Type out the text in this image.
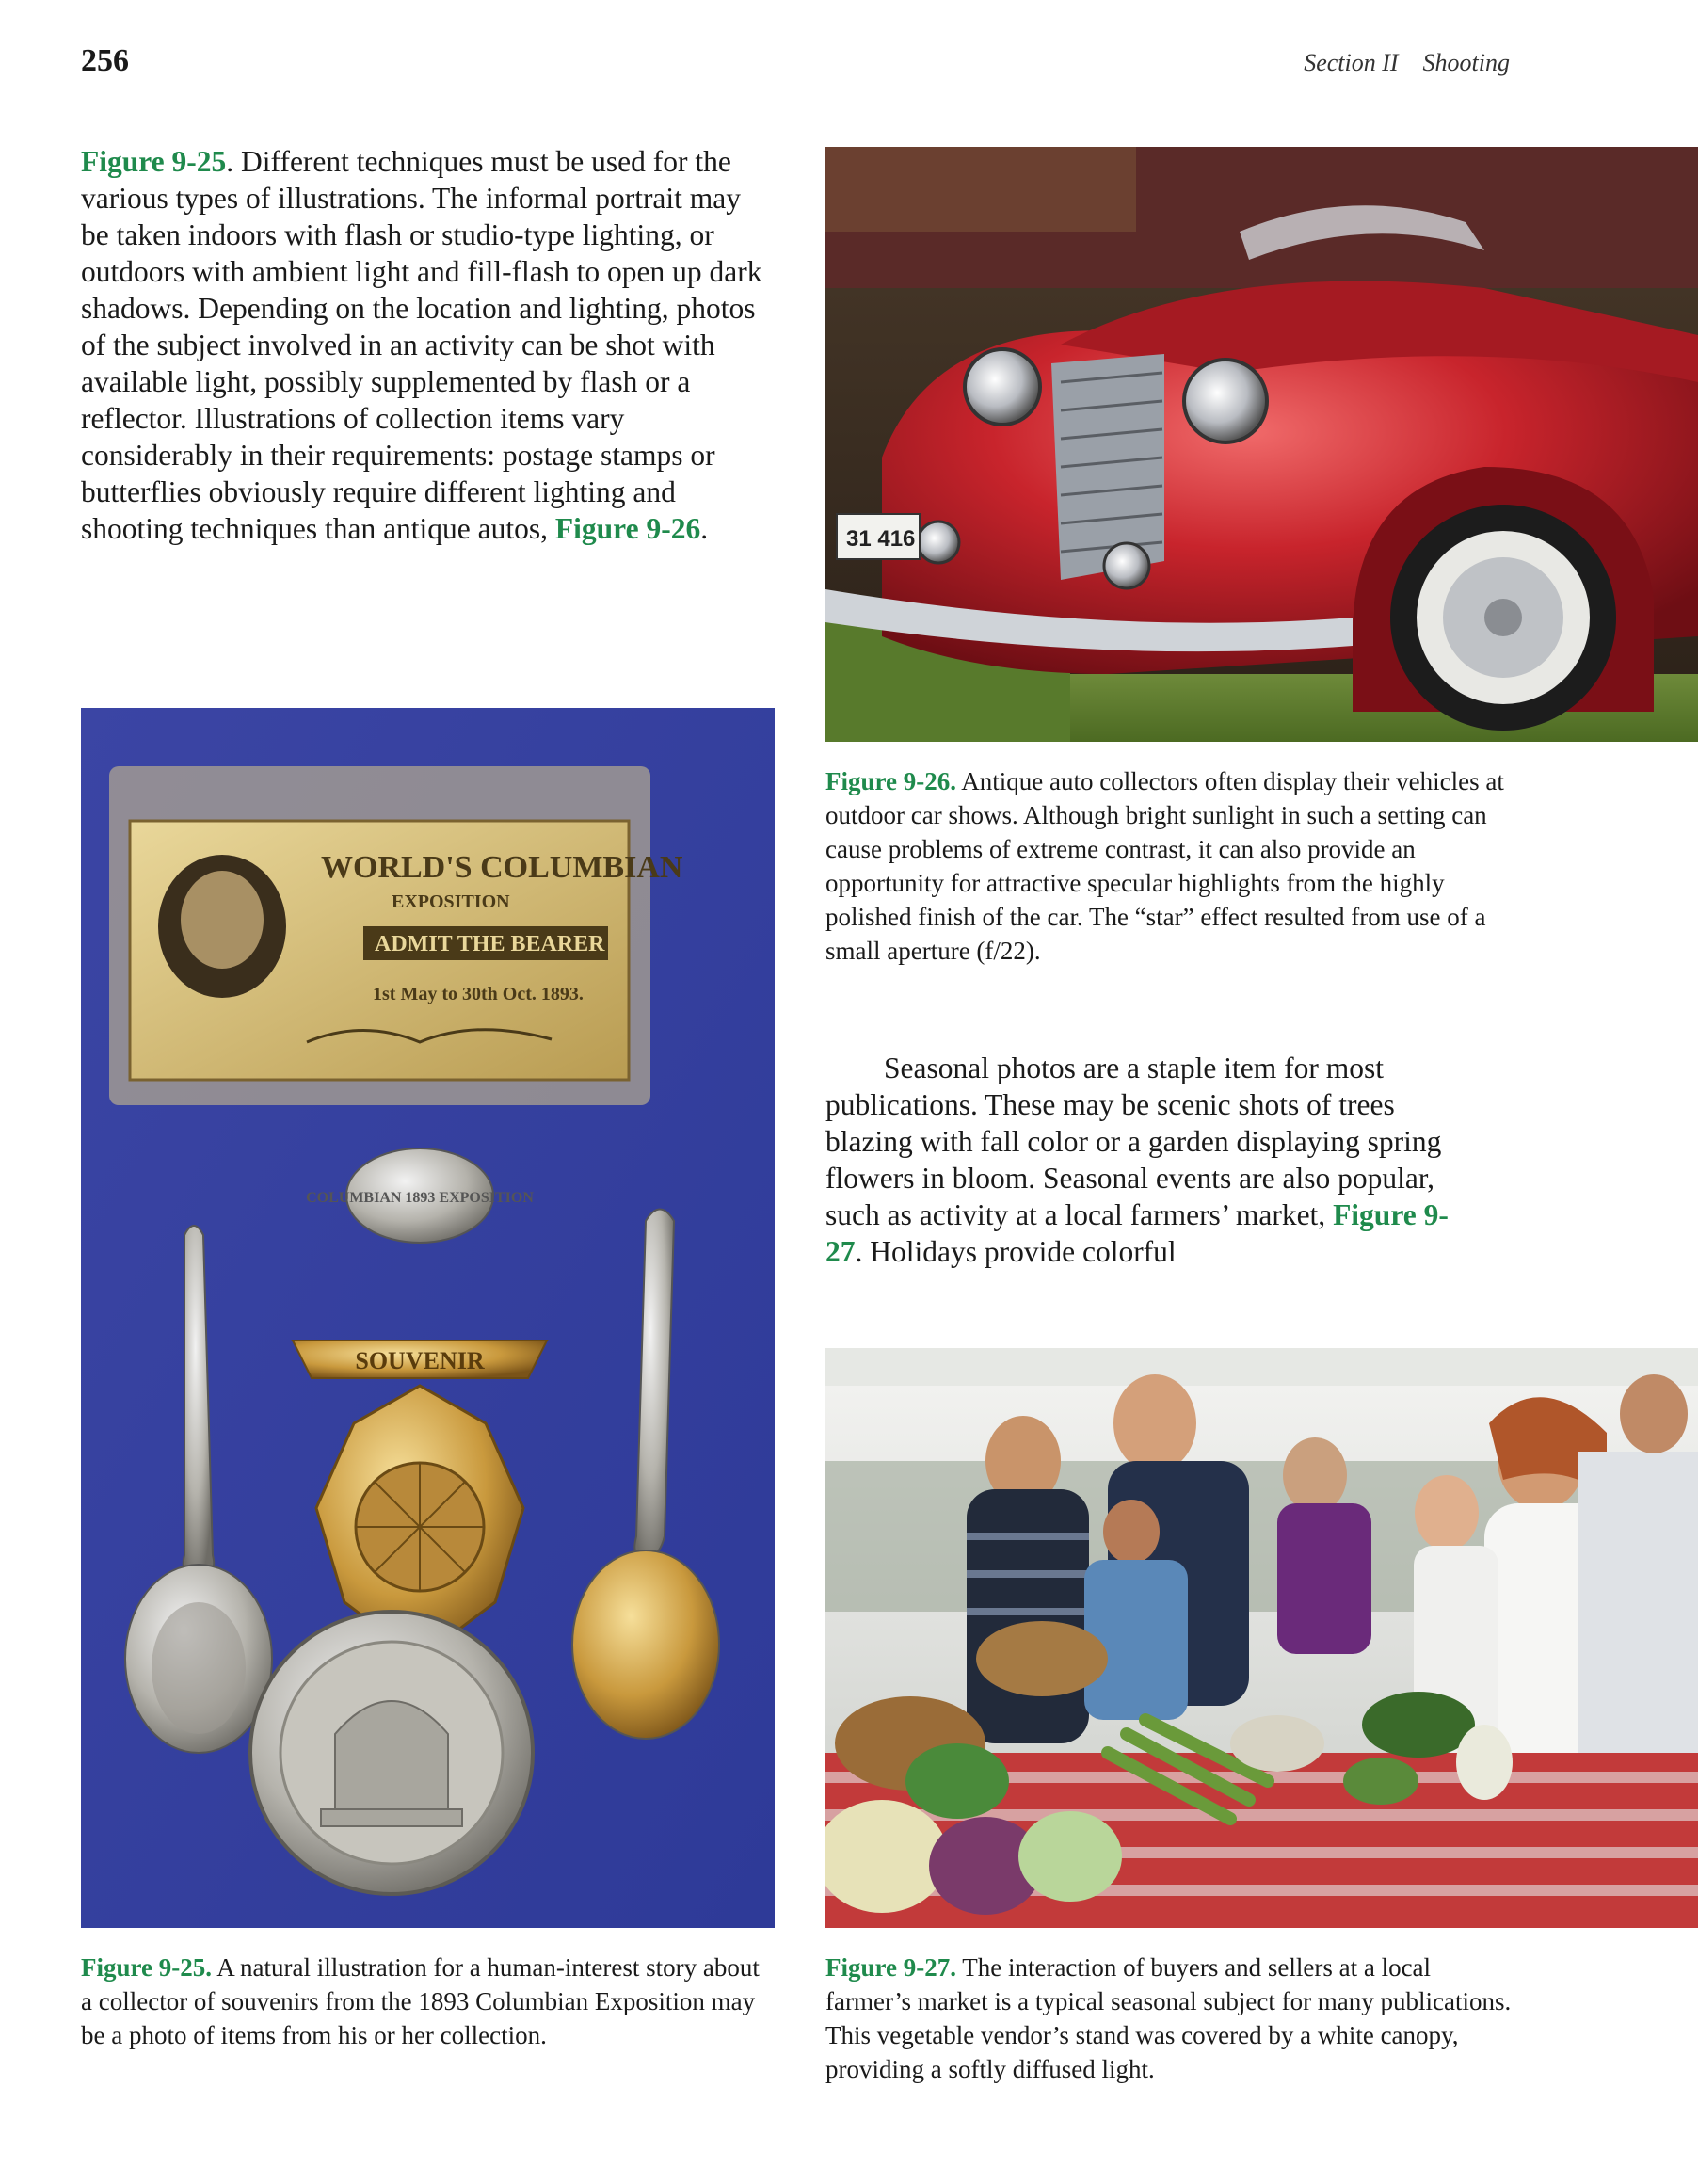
256	Section II Shooting
Figure 9-25. Different techniques must be used for the various types of illustrations. The informal portrait may be taken indoors with flash or studio-type lighting, or outdoors with ambient light and fill-flash to open up dark shadows. Depending on the location and lighting, photos of the subject involved in an activity can be shot with available light, possibly supplemented by flash or a reflector. Illustrations of collection items vary considerably in their requirements: postage stamps or butterflies obviously require different lighting and shooting techniques than antique autos, Figure 9-26.	31 416
Figure 9-26. Antique auto collectors often display their vehicles at outdoor car shows. Although bright sunlight in such a setting can cause problems of extreme contrast, it can also provide an opportunity for attractive specular highlights from the highly polished finish of the car. The “star” effect resulted from use of a small aperture (f/22).
Seasonal photos are a staple item for most publications. These may be scenic shots of trees blazing with fall color or a garden displaying spring flowers in bloom. Seasonal events are also popular, such as activity at a local farmers’ market, Figure 9-27. Holidays provide colorful
WORLD'S COLUMBIAN
EXPOSITION
ADMIT THE BEARER
1st May to 30th Oct. 1893.
COLUMBIAN 1893 EXPOSITION
SOUVENIR
Figure 9-25. A natural illustration for a human-interest story about a collector of souvenirs from the 1893 Columbian Exposition may be a photo of items from his or her collection.
Figure 9-27. The interaction of buyers and sellers at a local farmer’s market is a typical seasonal subject for many publications. This vegetable vendor’s stand was covered by a white canopy, providing a softly diffused light.
